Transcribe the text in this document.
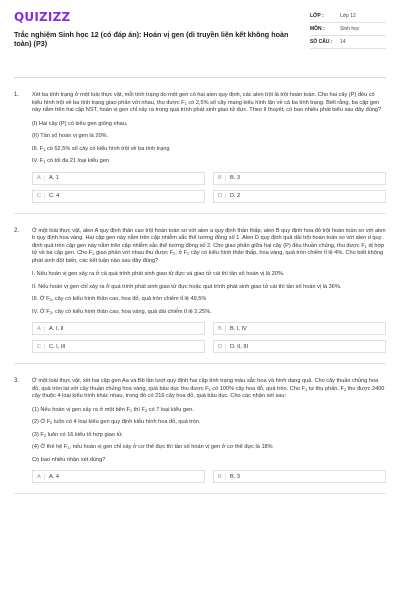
QUIZIZZ
Trắc nghiệm Sinh học 12 (có đáp án): Hoán vị gen (di truyền liên kết không hoàn toàn) (P3)
LỚP :	Lớp 12
MÔN :	Sinh học
SỐ CÂU :	14
1.	Xét ba tính trạng ở một loài thực vật, mỗi tính trạng do một gen có hai alen quy định, các alen trội là trội hoàn toàn. Cho hai cây (P) đều có kiểu hình trội về ba tính trạng giao phấn với nhau, thu được $F_1$ có 2,5% số cây mang kiểu hình lặn về cả ba tính trạng. Biết rằng, ba cặp gen này nằm trên hai cặp NST, hoán vị gen chỉ xảy ra trong quá trình phát sinh giao tử đực. Theo lí thuyết, có bao nhiêu phát biểu sau đây đúng?
(I) Hai cây (P) có kiểu gen giống nhau.
(II) Tần số hoán vị gen là 20%.
III. $F_1$ có 52,5% số cây có kiểu hình trội về ba tính trạng
IV. $F_1$ có tối đa 21 loại kiểu gen
A	A. 1	B	B. 3
C	C. 4	D	D. 2
2.	Ở một loài thực vật, alen A quy định thân cao trội hoàn toàn so với alen a quy định thân thấp, alen B quy định hoa đỏ trội hoàn toàn so với alen b quy định hoa vàng. Hai cặp gen này nằm trên cặp nhiễm sắc thể tương đồng số 1. Alen D quy định quả dài trội hoàn toàn so với alen d quy định quả tròn cặp gen này nằm trên cặp nhiễm sắc thể tương đồng số 2. Cho giao phấn giữa hai cây (P) đều thuần chủng, thu được $F_1$ dị hợp tử về ba cặp gen. Cho $F_1$ giao phấn với nhau thu được $F_2$, ở $F_2$ cây có kiểu hình thân thấp, hoa vàng, quả tròn chiếm tỉ lệ 4%. Cho biết không phát sinh đột biến, các kết luận nào sau đây đúng?
I. Nếu hoán vị gen xảy ra ở cả quá trình phát sinh giao tử đực và giao tử cái thì tần số hoán vị là 20%.
II. Nếu hoán vị gen chỉ xảy ra ở quá trình phát sinh giao tử đực hoặc quá trình phát sinh giao tử cái thì tần số hoán vị là 36%.
III. Ở $F_2$, cây có kiểu hình thân cao, hoa đỏ, quả tròn chiếm tỉ lệ 49,5%
IV. Ở $F_2$, cây có kiểu hình thân cao, hoa vàng, quả dài chiếm tỉ lệ 2,25%.
A	A. I, II	B	B. I, IV
C	C. I, III	D	D. II, III
3.	Ở một loài thực vật, xét hai cặp gen Aa và Bb lần lượt quy định hai cặp tính trạng màu sắc hoa và hình dạng quả. Cho cây thuần chủng hoa đỏ, quả tròn lai với cây thuần chủng hoa vàng, quả bầu dục thu được $F_1$ có 100% cây hoa đỏ, quả tròn. Cho $F_1$ tự thụ phấn, $F_2$ thu được 2400 cây thuộc 4 loại kiểu hình khác nhau, trong đó có 216 cây hoa đỏ, quả bầu dục. Cho các nhận xét sau:
(1) Nếu hoán vị gen xảy ra ở một bên $F_1$ thì $F_2$ có 7 loại kiểu gen.
(2) Ở $F_2$ luôn có 4 loại kiểu gen quy định kiểu hình hoa đỏ, quả tròn.
(3) $F_2$ luôn có 16 kiểu tổ hợp giao tử.
(4) Ở thế hệ $F_1$, nếu hoán vị gen chỉ xảy ở cơ thể đực thì tần số hoán vị gen ở cơ thể đực là 18%
Có bao nhiêu nhận xét đúng?
A	A. 4	B	B. 3
